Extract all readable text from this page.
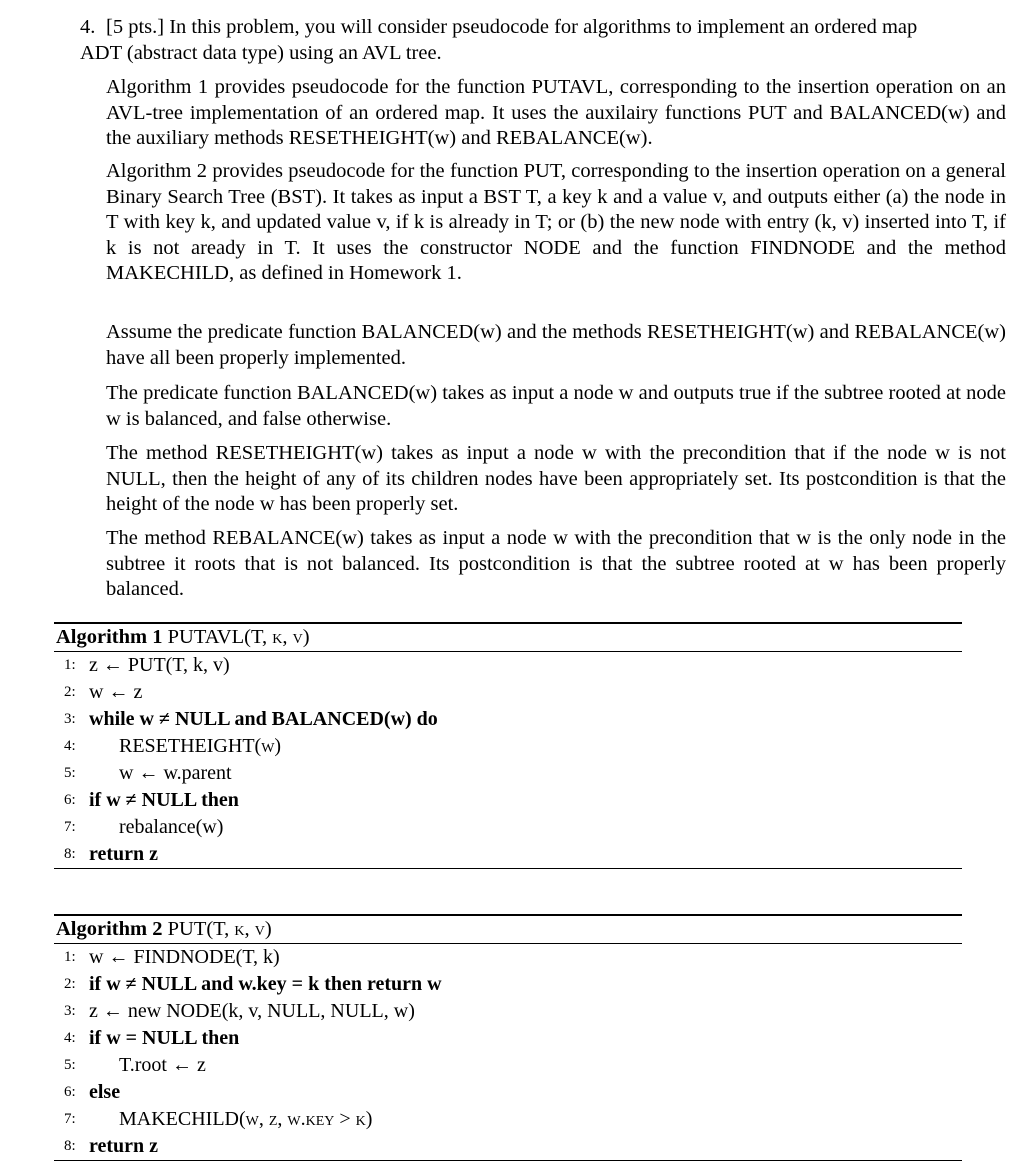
4. [5 pts.] In this problem, you will consider pseudocode for algorithms to implement an ordered map ADT (abstract data type) using an AVL tree.
Algorithm 1 provides pseudocode for the function PUTAVL, corresponding to the insertion operation on an AVL-tree implementation of an ordered map. It uses the auxilairy functions PUT and BALANCED(w) and the auxiliary methods RESETHEIGHT(w) and REBALANCE(w).
Algorithm 2 provides pseudocode for the function PUT, corresponding to the insertion operation on a general Binary Search Tree (BST). It takes as input a BST T, a key k and a value v, and outputs either (a) the node in T with key k, and updated value v, if k is already in T; or (b) the new node with entry (k, v) inserted into T, if k is not aready in T. It uses the constructor NODE and the function FINDNODE and the method MAKECHILD, as defined in Homework 1.
Assume the predicate function BALANCED(w) and the methods RESETHEIGHT(w) and REBALANCE(w) have all been properly implemented.
The predicate function BALANCED(w) takes as input a node w and outputs true if the subtree rooted at node w is balanced, and false otherwise.
The method RESETHEIGHT(w) takes as input a node w with the precondition that if the node w is not NULL, then the height of any of its children nodes have been appropriately set. Its postcondition is that the height of the node w has been properly set.
The method REBALANCE(w) takes as input a node w with the precondition that w is the only node in the subtree it roots that is not balanced. Its postcondition is that the subtree rooted at w has been properly balanced.
Algorithm 1 PUTAVL(T, k, v)
1: z ← PUT(T, k, v)
2: w ← z
3: while w ≠ NULL and BALANCED(w) do
4: RESETHEIGHT(w)
5: w ← w.parent
6: if w ≠ NULL then
7: rebalance(w)
8: return z
Algorithm 2 PUT(T, k, v)
1: w ← FINDNODE(T, k)
2: if w ≠ NULL and w.key = k then return w
3: z ← new NODE(k, v, NULL, NULL, w)
4: if w = NULL then
5: T.root ← z
6: else
7: MAKECHILD(w, z, w.key > k)
8: return z
